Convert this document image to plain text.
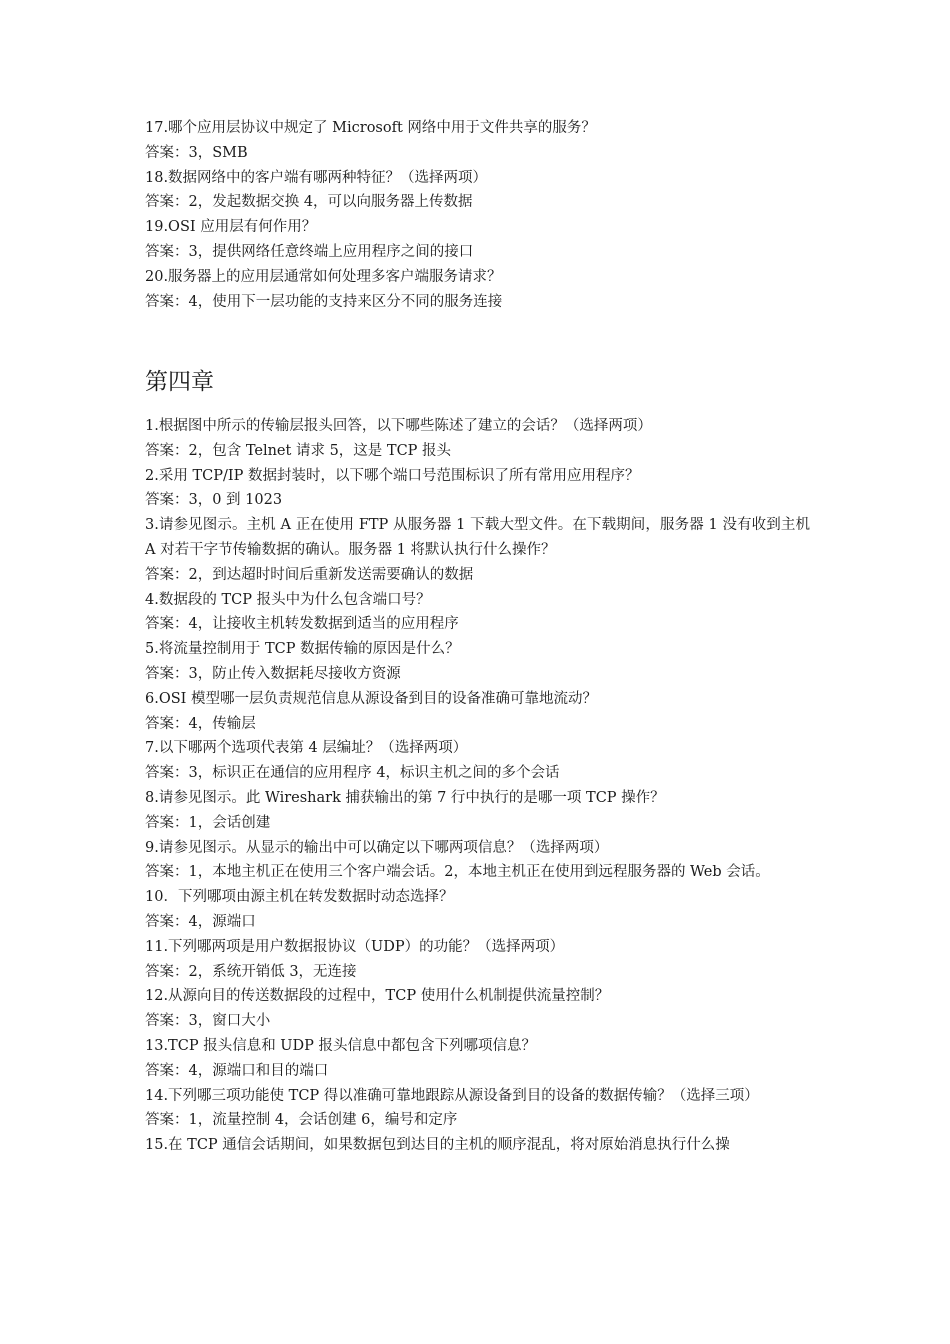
17.哪个应用层协议中规定了 Microsoft 网络中用于文件共享的服务？
答案：3，SMB
18.数据网络中的客户端有哪两种特征？（选择两项）
答案：2，发起数据交换 4，可以向服务器上传数据
19.OSI 应用层有何作用？
答案：3，提供网络任意终端上应用程序之间的接口
20.服务器上的应用层通常如何处理多客户端服务请求？
答案：4，使用下一层功能的支持来区分不同的服务连接
第四章
1.根据图中所示的传输层报头回答，以下哪些陈述了建立的会话？（选择两项）
答案：2，包含 Telnet 请求 5，这是 TCP 报头
2.采用 TCP/IP 数据封装时，以下哪个端口号范围标识了所有常用应用程序？
答案：3，0 到 1023
3.请参见图示。主机 A 正在使用 FTP 从服务器 1 下载大型文件。在下载期间，服务器 1 没有收到主机 A 对若干字节传输数据的确认。服务器 1 将默认执行什么操作？
答案：2，到达超时时间后重新发送需要确认的数据
4.数据段的 TCP 报头中为什么包含端口号？
答案：4，让接收主机转发数据到适当的应用程序
5.将流量控制用于 TCP 数据传输的原因是什么？
答案：3，防止传入数据耗尽接收方资源
6.OSI 模型哪一层负责规范信息从源设备到目的设备准确可靠地流动？
答案：4，传输层
7.以下哪两个选项代表第 4 层编址？（选择两项）
答案：3，标识正在通信的应用程序 4，标识主机之间的多个会话
8.请参见图示。此 Wireshark 捕获输出的第 7 行中执行的是哪一项 TCP 操作？
答案：1，会话创建
9.请参见图示。从显示的输出中可以确定以下哪两项信息？（选择两项）
答案：1，本地主机正在使用三个客户端会话。2，本地主机正在使用到远程服务器的 Web 会话。
10．下列哪项由源主机在转发数据时动态选择？
答案：4，源端口
11.下列哪两项是用户数据报协议（UDP）的功能？（选择两项）
答案：2，系统开销低 3，无连接
12.从源向目的传送数据段的过程中，TCP 使用什么机制提供流量控制？
答案：3，窗口大小
13.TCP 报头信息和 UDP 报头信息中都包含下列哪项信息？
答案：4，源端口和目的端口
14.下列哪三项功能使 TCP 得以准确可靠地跟踪从源设备到目的设备的数据传输？（选择三项）
答案：1，流量控制 4，会话创建 6，编号和定序
15.在 TCP 通信会话期间，如果数据包到达目的主机的顺序混乱，将对原始消息执行什么操
